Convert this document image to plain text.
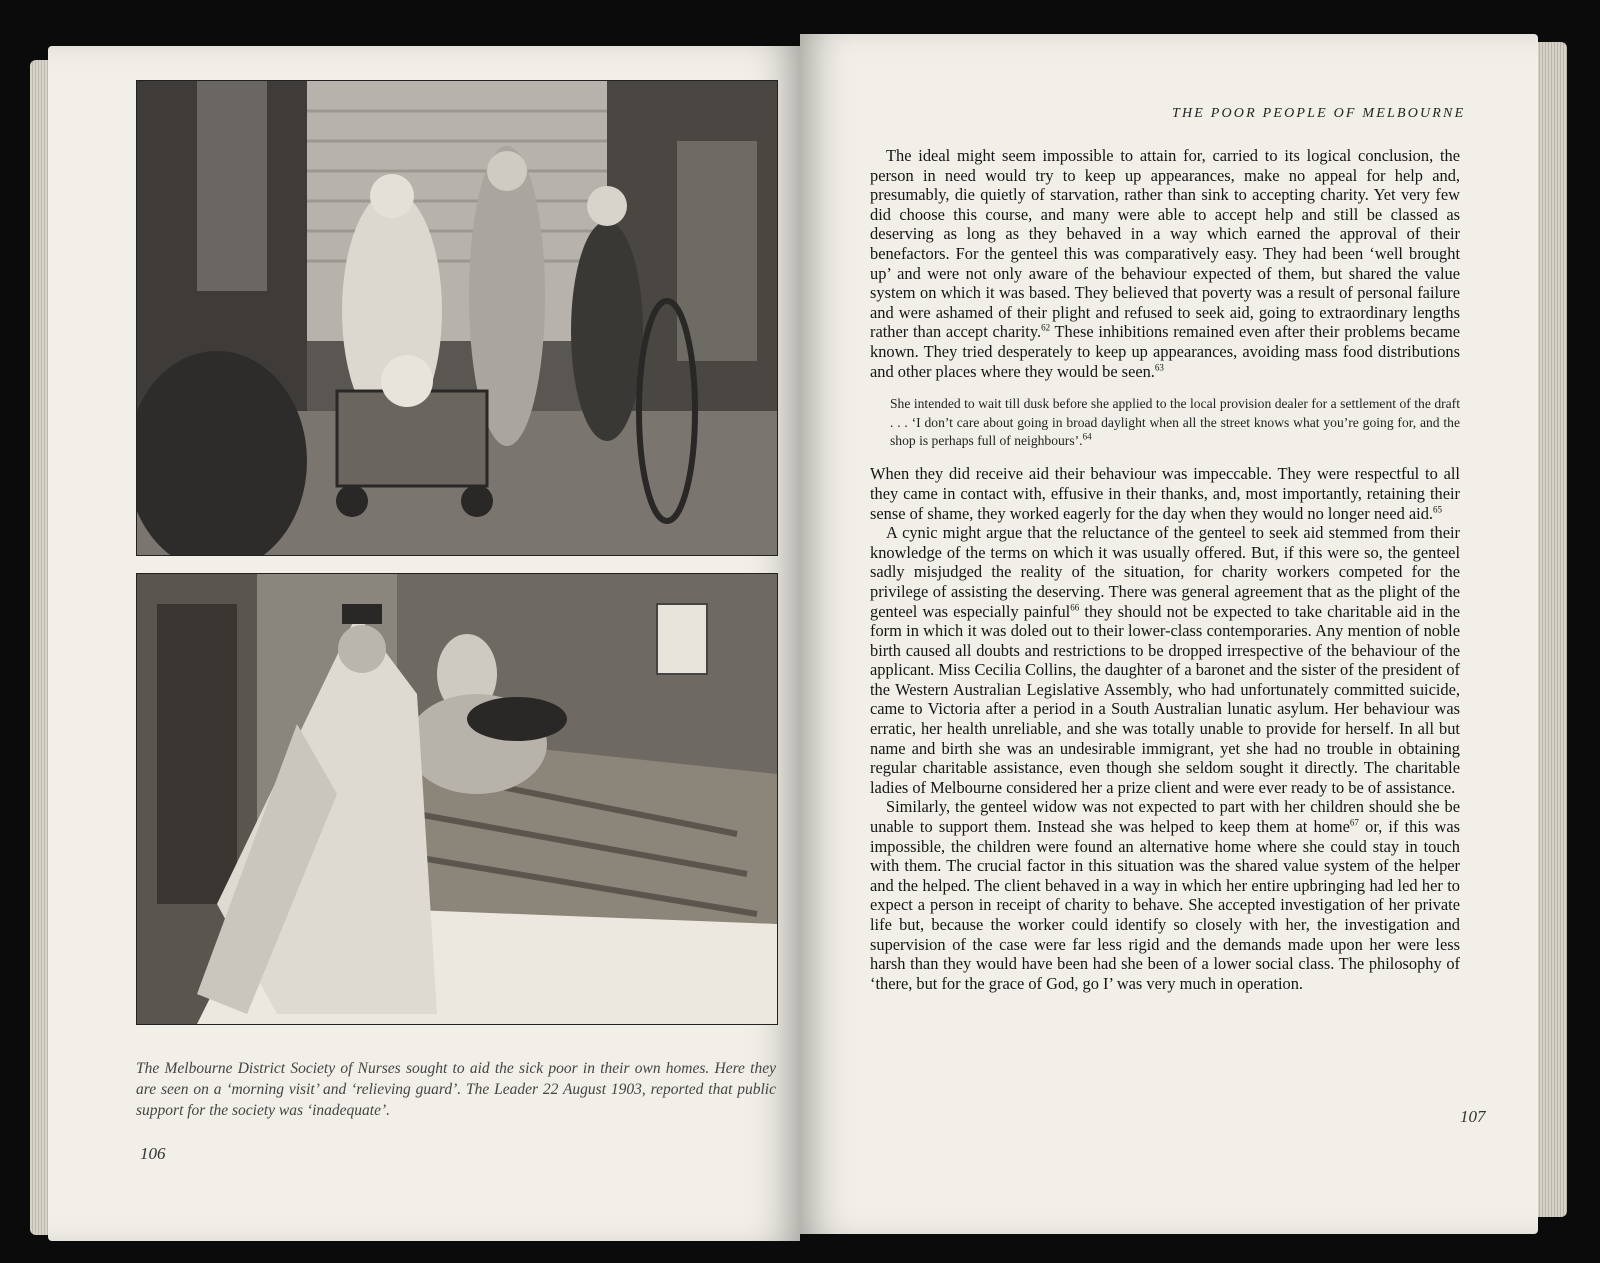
The Melbourne District Society of Nurses sought to aid the sick poor in their own homes. Here they are seen on a ‘morning visit’ and ‘relieving guard’. The Leader 22 August 1903, reported that public support for the society was ‘inadequate’.

106
THE POOR PEOPLE OF MELBOURNE

The ideal might seem impossible to attain for, carried to its logical conclusion, the person in need would try to keep up appearances, make no appeal for help and, presumably, die quietly of starvation, rather than sink to accepting charity. Yet very few did choose this course, and many were able to accept help and still be classed as deserving as long as they behaved in a way which earned the approval of their benefactors. For the genteel this was comparatively easy. They had been ‘well brought up’ and were not only aware of the behaviour expected of them, but shared the value system on which it was based. They believed that poverty was a result of personal failure and were ashamed of their plight and refused to seek aid, going to extraordinary lengths rather than accept charity.$^{62}$ These inhibitions remained even after their problems became known. They tried desperately to keep up appearances, avoiding mass food distributions and other places where they would be seen.$^{63}$

She intended to wait till dusk before she applied to the local provision dealer for a settlement of the draft . . . ‘I don’t care about going in broad daylight when all the street knows what you’re going for, and the shop is perhaps full of neighbours’.$^{64}$

When they did receive aid their behaviour was impeccable. They were respectful to all they came in contact with, effusive in their thanks, and, most importantly, retaining their sense of shame, they worked eagerly for the day when they would no longer need aid.$^{65}$

A cynic might argue that the reluctance of the genteel to seek aid stemmed from their knowledge of the terms on which it was usually offered. But, if this were so, the genteel sadly misjudged the reality of the situation, for charity workers competed for the privilege of assisting the deserving. There was general agreement that as the plight of the genteel was especially painful$^{66}$ they should not be expected to take charitable aid in the form in which it was doled out to their lower-class contemporaries. Any mention of noble birth caused all doubts and restrictions to be dropped irrespective of the behaviour of the applicant. Miss Cecilia Collins, the daughter of a baronet and the sister of the president of the Western Australian Legislative Assembly, who had unfortunately committed suicide, came to Victoria after a period in a South Australian lunatic asylum. Her behaviour was erratic, her health unreliable, and she was totally unable to provide for herself. In all but name and birth she was an undesirable immigrant, yet she had no trouble in obtaining regular charitable assistance, even though she seldom sought it directly. The charitable ladies of Melbourne considered her a prize client and were ever ready to be of assistance.

Similarly, the genteel widow was not expected to part with her children should she be unable to support them. Instead she was helped to keep them at home$^{67}$ or, if this was impossible, the children were found an alternative home where she could stay in touch with them. The crucial factor in this situation was the shared value system of the helper and the helped. The client behaved in a way in which her entire upbringing had led her to expect a person in receipt of charity to behave. She accepted investigation of her private life but, because the worker could identify so closely with her, the investigation and supervision of the case were far less rigid and the demands made upon her were less harsh than they would have been had she been of a lower social class. The philosophy of ‘there, but for the grace of God, go I’ was very much in operation.

107
